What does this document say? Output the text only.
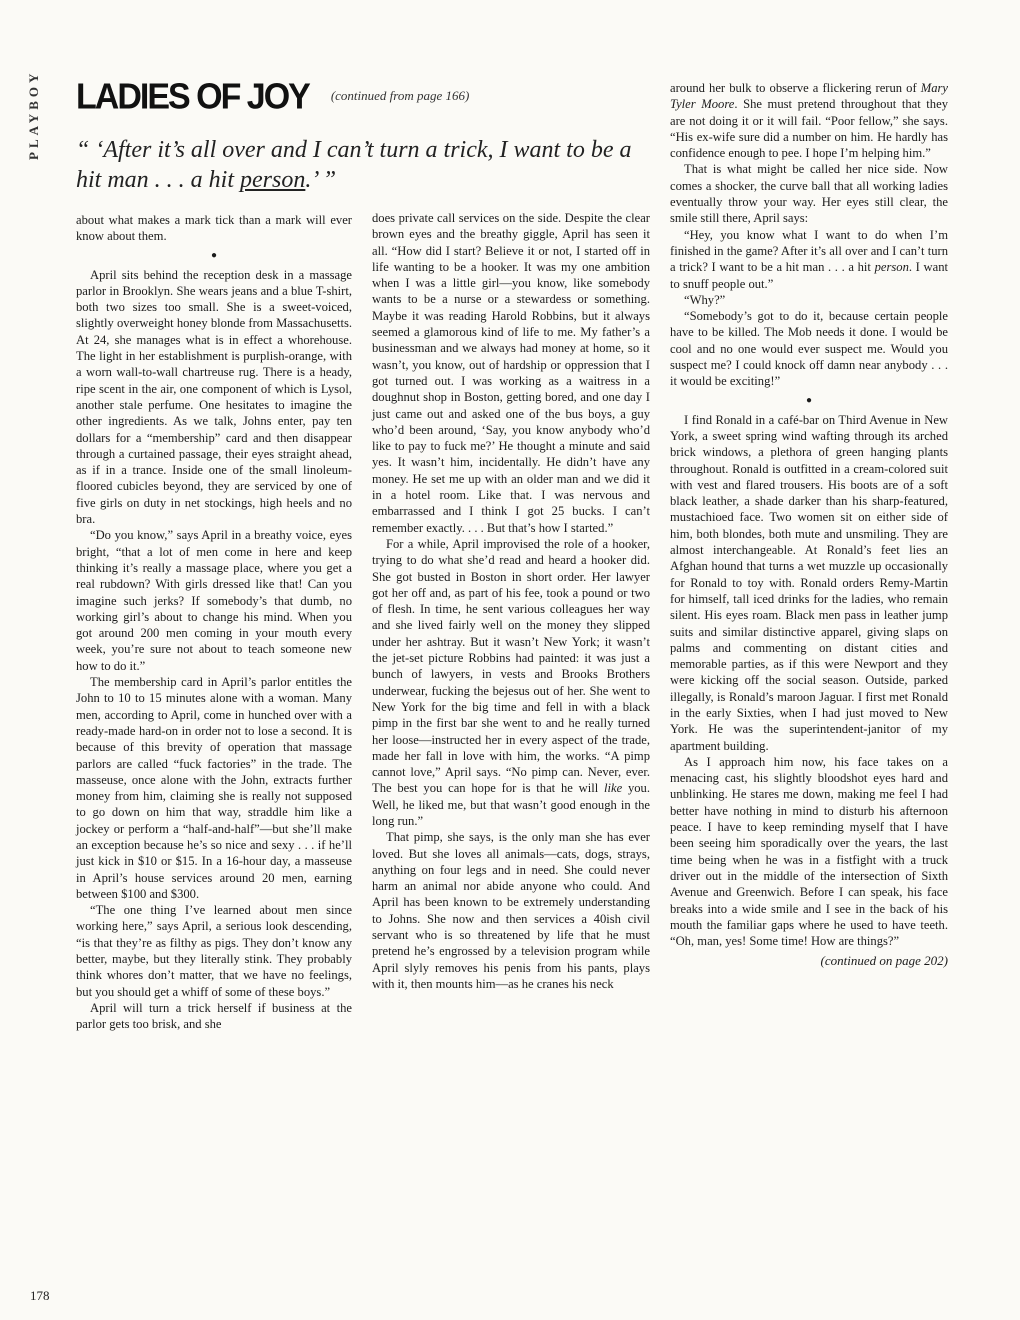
PLAYBOY LADIES OF JOY (continued from page 166)
“ ‘After it’s all over and I can’t turn a trick, I want to be a hit man . . . a hit person.’ ”

about what makes a mark tick than a mark will ever know about them.

●

April sits behind the reception desk in a massage parlor in Brooklyn. She wears jeans and a blue T-shirt, both two sizes too small. She is a sweet-voiced, slightly overweight honey blonde from Massachusetts. At 24, she manages what is in effect a whorehouse. The light in her establishment is purplish-orange, with a worn wall-to-wall chartreuse rug. There is a heady, ripe scent in the air, one component of which is Lysol, another stale perfume. One hesitates to imagine the other ingredients. As we talk, Johns enter, pay ten dollars for a “membership” card and then disappear through a curtained passage, their eyes straight ahead, as if in a trance. Inside one of the small linoleum-floored cubicles beyond, they are serviced by one of five girls on duty in net stockings, high heels and no bra.

“Do you know,” says April in a breathy voice, eyes bright, “that a lot of men come in here and keep thinking it’s really a massage place, where you get a real rubdown? With girls dressed like that! Can you imagine such jerks? If somebody’s that dumb, no working girl’s about to change his mind. When you got around 200 men coming in your mouth every week, you’re sure not about to teach someone new how to do it.”

The membership card in April’s parlor entitles the John to 10 to 15 minutes alone with a woman. Many men, according to April, come in hunched over with a ready-made hard-on in order not to lose a second. It is because of this brevity of operation that massage parlors are called “fuck factories” in the trade. The masseuse, once alone with the John, extracts further money from him, claiming she is really not supposed to go down on him that way, straddle him like a jockey or perform a “half-and-half”—but she’ll make an exception because he’s so nice and sexy . . . if he’ll just kick in $10 or $15. In a 16-hour day, a masseuse in April’s house services around 20 men, earning between $100 and $300.

“The one thing I’ve learned about men since working here,” says April, a serious look descending, “is that they’re as filthy as pigs. They don’t know any better, maybe, but they literally stink. They probably think whores don’t matter, that we have no feelings, but you should get a whiff of some of these boys.”

April will turn a trick herself if business at the parlor gets too brisk, and she

does private call services on the side. Despite the clear brown eyes and the breathy giggle, April has seen it all. “How did I start? Believe it or not, I started off in life wanting to be a hooker. It was my one ambition when I was a little girl—you know, like somebody wants to be a nurse or a stewardess or something. Maybe it was reading Harold Robbins, but it always seemed a glamorous kind of life to me. My father’s a businessman and we always had money at home, so it wasn’t, you know, out of hardship or oppression that I got turned out. I was working as a waitress in a doughnut shop in Boston, getting bored, and one day I just came out and asked one of the bus boys, a guy who’d been around, ‘Say, you know anybody who’d like to pay to fuck me?’ He thought a minute and said yes. It wasn’t him, incidentally. He didn’t have any money. He set me up with an older man and we did it in a hotel room. Like that. I was nervous and embarrassed and I think I got 25 bucks. I can’t remember exactly. . . . But that’s how I started.”

For a while, April improvised the role of a hooker, trying to do what she’d read and heard a hooker did. She got busted in Boston in short order. Her lawyer got her off and, as part of his fee, took a pound or two of flesh. In time, he sent various colleagues her way and she lived fairly well on the money they slipped under her ashtray. But it wasn’t New York; it wasn’t the jet-set picture Robbins had painted: it was just a bunch of lawyers, in vests and Brooks Brothers underwear, fucking the bejesus out of her. She went to New York for the big time and fell in with a black pimp in the first bar she went to and he really turned her loose—instructed her in every aspect of the trade, made her fall in love with him, the works. “A pimp cannot love,” April says. “No pimp can. Never, ever. The best you can hope for is that he will like you. Well, he liked me, but that wasn’t good enough in the long run.”

That pimp, she says, is the only man she has ever loved. But she loves all animals—cats, dogs, strays, anything on four legs and in need. She could never harm an animal nor abide anyone who could. And April has been known to be extremely understanding to Johns. She now and then services a 40ish civil servant who is so threatened by life that he must pretend he’s engrossed by a television program while April slyly removes his penis from his pants, plays with it, then mounts him—as he cranes his neck

around her bulk to observe a flickering rerun of Mary Tyler Moore. She must pretend throughout that they are not doing it or it will fail. “Poor fellow,” she says. “His ex-wife sure did a number on him. He hardly has confidence enough to pee. I hope I’m helping him.”

That is what might be called her nice side. Now comes a shocker, the curve ball that all working ladies eventually throw your way. Her eyes still clear, the smile still there, April says:

“Hey, you know what I want to do when I’m finished in the game? After it’s all over and I can’t turn a trick? I want to be a hit man . . . a hit person. I want to snuff people out.”

“Why?”

“Somebody’s got to do it, because certain people have to be killed. The Mob needs it done. I would be cool and no one would ever suspect me. Would you suspect me? I could knock off damn near anybody . . . it would be exciting!”

●

I find Ronald in a café-bar on Third Avenue in New York, a sweet spring wind wafting through its arched brick windows, a plethora of green hanging plants throughout. Ronald is outfitted in a cream-colored suit with vest and flared trousers. His boots are of a soft black leather, a shade darker than his sharp-featured, mustachioed face. Two women sit on either side of him, both blondes, both mute and unsmiling. They are almost interchangeable. At Ronald’s feet lies an Afghan hound that turns a wet muzzle up occasionally for Ronald to toy with. Ronald orders Remy-Martin for himself, tall iced drinks for the ladies, who remain silent. His eyes roam. Black men pass in leather jump suits and similar distinctive apparel, giving slaps on palms and commenting on distant cities and memorable parties, as if this were Newport and they were kicking off the social season. Outside, parked illegally, is Ronald’s maroon Jaguar. I first met Ronald in the early Sixties, when I had just moved to New York. He was the superintendent-janitor of my apartment building.

As I approach him now, his face takes on a menacing cast, his slightly bloodshot eyes hard and unblinking. He stares me down, making me feel I had better have nothing in mind to disturb his afternoon peace. I have to keep reminding myself that I have been seeing him sporadically over the years, the last time being when he was in a fistfight with a truck driver out in the middle of the intersection of Sixth Avenue and Greenwich. Before I can speak, his face breaks into a wide smile and I see in the back of his mouth the familiar gaps where he used to have teeth. “Oh, man, yes! Some time! How are things?”

(continued on page 202)
178
